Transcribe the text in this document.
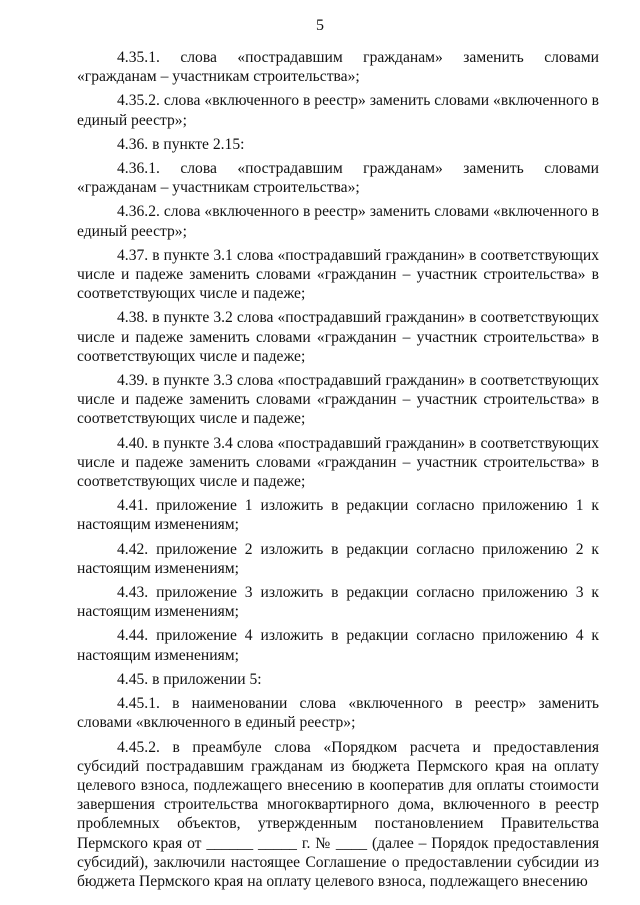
5

4.35.1. слова «пострадавшим гражданам» заменить словами «гражданам – участникам строительства»;

4.35.2. слова «включенного в реестр» заменить словами «включенного в единый реестр»;

4.36. в пункте 2.15:

4.36.1. слова «пострадавшим гражданам» заменить словами «гражданам – участникам строительства»;

4.36.2. слова «включенного в реестр» заменить словами «включенного в единый реестр»;

4.37. в пункте 3.1 слова «пострадавший гражданин» в соответствующих числе и падеже заменить словами «гражданин – участник строительства» в соответствующих числе и падеже;

4.38. в пункте 3.2 слова «пострадавший гражданин» в соответствующих числе и падеже заменить словами «гражданин – участник строительства» в соответствующих числе и падеже;

4.39. в пункте 3.3 слова «пострадавший гражданин» в соответствующих числе и падеже заменить словами «гражданин – участник строительства» в соответствующих числе и падеже;

4.40. в пункте 3.4 слова «пострадавший гражданин» в соответствующих числе и падеже заменить словами «гражданин – участник строительства» в соответствующих числе и падеже;

4.41. приложение 1 изложить в редакции согласно приложению 1 к настоящим изменениям;

4.42. приложение 2 изложить в редакции согласно приложению 2 к настоящим изменениям;

4.43. приложение 3 изложить в редакции согласно приложению 3 к настоящим изменениям;

4.44. приложение 4 изложить в редакции согласно приложению 4 к настоящим изменениям;

4.45. в приложении 5:

4.45.1. в наименовании слова «включенного в реестр» заменить словами «включенного в единый реестр»;

4.45.2. в преамбуле слова «Порядком расчета и предоставления субсидий пострадавшим гражданам из бюджета Пермского края на оплату целевого взноса, подлежащего внесению в кооператив для оплаты стоимости завершения строительства многоквартирного дома, включенного в реестр проблемных объектов, утвержденным постановлением Правительства Пермского края от ______ _____ г. № ____ (далее – Порядок предоставления субсидий), заключили настоящее Соглашение о предоставлении субсидии из бюджета Пермского края на оплату целевого взноса, подлежащего внесению
